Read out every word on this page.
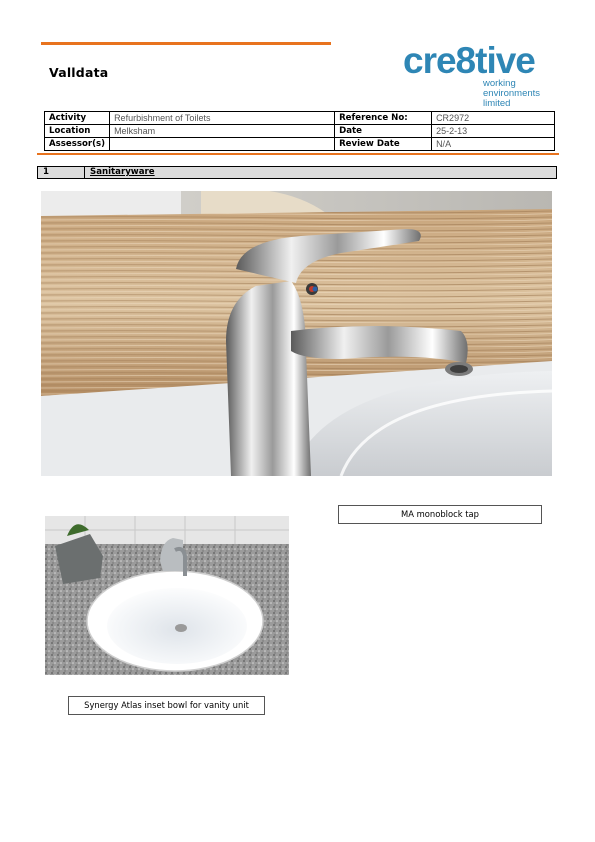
Valldata	cre8tive
working
environments
limited
Activity	Refurbishment of Toilets	Reference No:	CR2972
Location	Melksham	Date	25-2-13
Assessor(s)		Review Date	N/A
1	Sanitaryware
MA monoblock tap
Synergy Atlas inset bowl for vanity unit
